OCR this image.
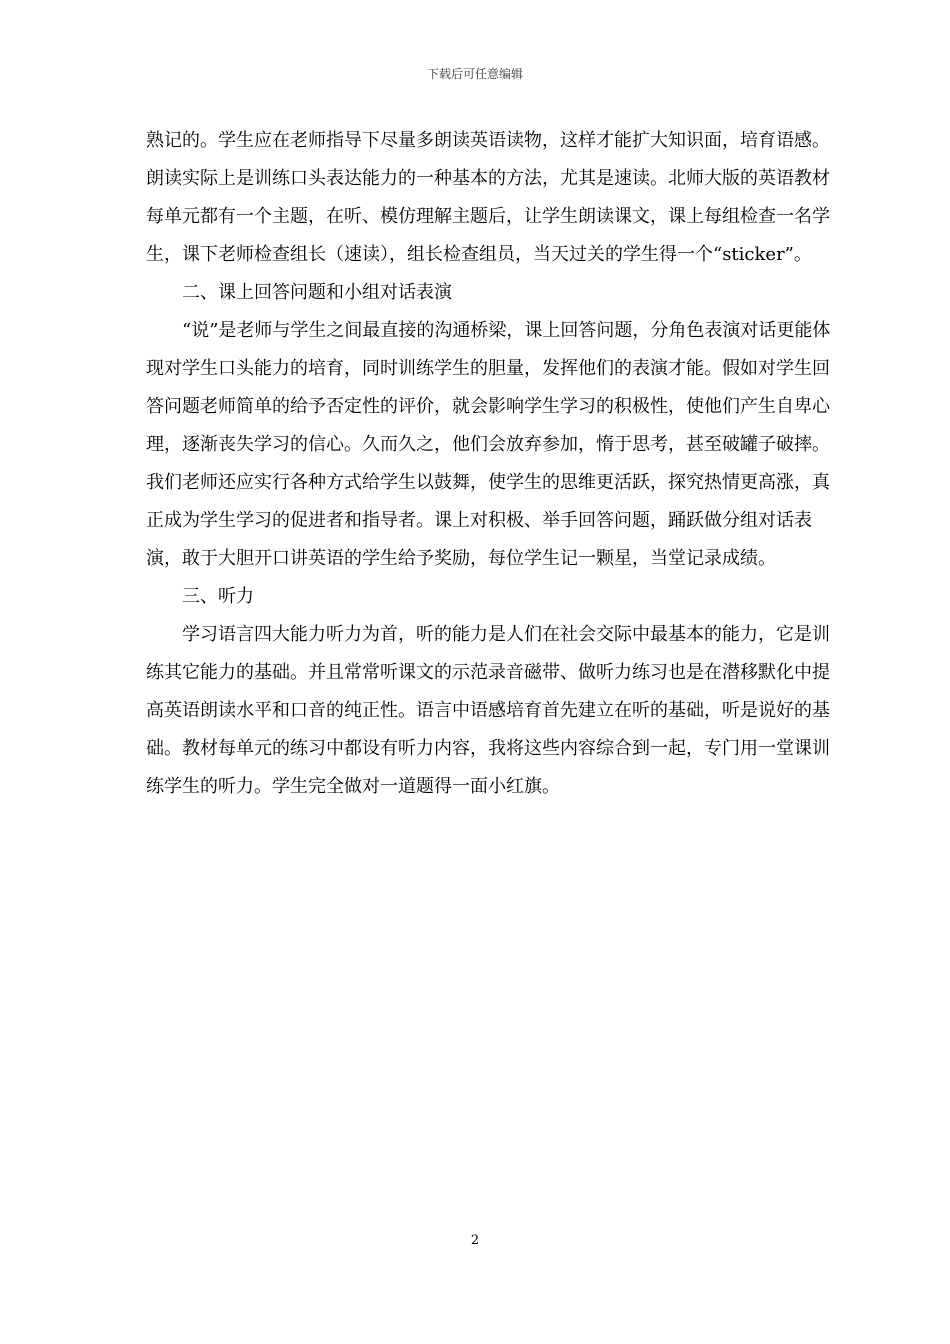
下载后可任意编辑

熟记的。学生应在老师指导下尽量多朗读英语读物，这样才能扩大知识面，培育语感。朗读实际上是训练口头表达能力的一种基本的方法，尤其是速读。北师大版的英语教材每单元都有一个主题，在听、模仿理解主题后，让学生朗读课文，课上每组检查一名学生，课下老师检查组长（速读），组长检查组员，当天过关的学生得一个“sticker”。

二、课上回答问题和小组对话表演

“说”是老师与学生之间最直接的沟通桥梁，课上回答问题，分角色表演对话更能体现对学生口头能力的培育，同时训练学生的胆量，发挥他们的表演才能。假如对学生回答问题老师简单的给予否定性的评价，就会影响学生学习的积极性，使他们产生自卑心理，逐渐丧失学习的信心。久而久之，他们会放弃参加，惰于思考，甚至破罐子破摔。我们老师还应实行各种方式给学生以鼓舞，使学生的思维更活跃，探究热情更高涨，真正成为学生学习的促进者和指导者。课上对积极、举手回答问题，踊跃做分组对话表演，敢于大胆开口讲英语的学生给予奖励，每位学生记一颗星，当堂记录成绩。

三、听力

学习语言四大能力听力为首，听的能力是人们在社会交际中最基本的能力，它是训练其它能力的基础。并且常常听课文的示范录音磁带、做听力练习也是在潜移默化中提高英语朗读水平和口音的纯正性。语言中语感培育首先建立在听的基础，听是说好的基础。教材每单元的练习中都设有听力内容，我将这些内容综合到一起，专门用一堂课训练学生的听力。学生完全做对一道题得一面小红旗。

2
